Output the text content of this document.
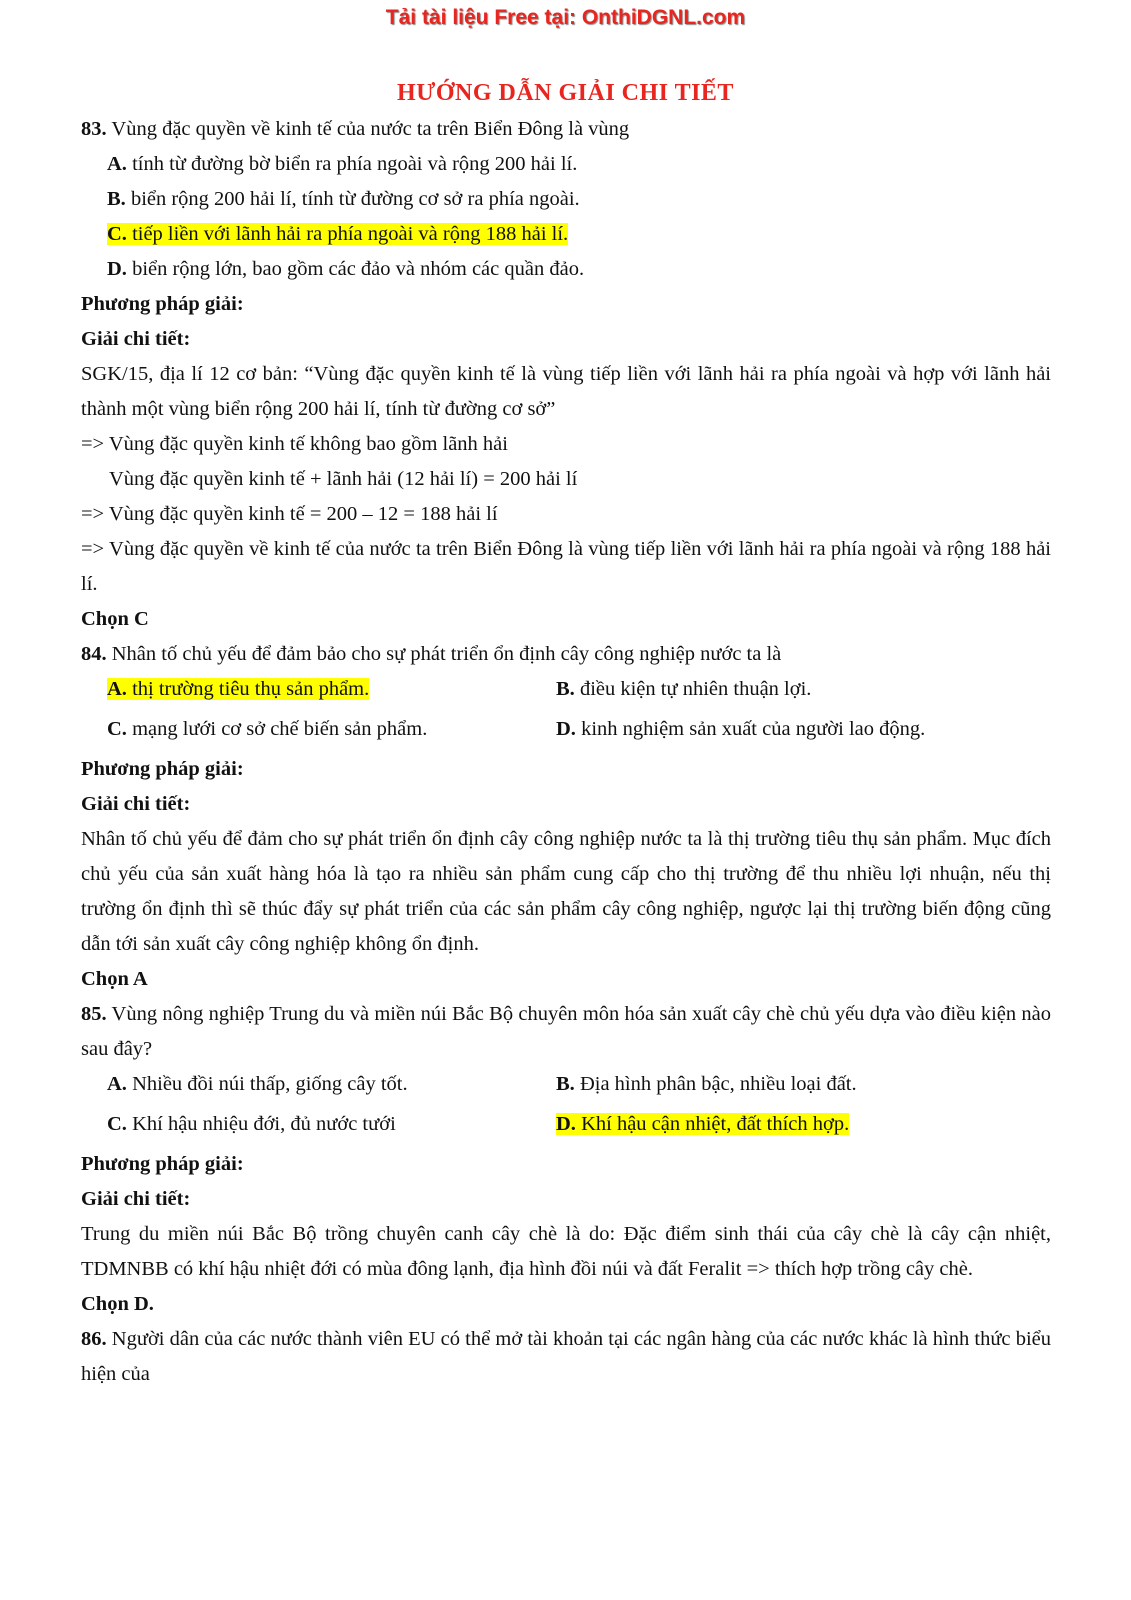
Tải tài liệu Free tại: OnthiDGNL.com
HƯỚNG DẪN GIẢI CHI TIẾT

83. Vùng đặc quyền về kinh tế của nước ta trên Biển Đông là vùng

A. tính từ đường bờ biển ra phía ngoài và rộng 200 hải lí.

B. biển rộng 200 hải lí, tính từ đường cơ sở ra phía ngoài.

C. tiếp liền với lãnh hải ra phía ngoài và rộng 188 hải lí.

D. biển rộng lớn, bao gồm các đảo và nhóm các quần đảo.

Phương pháp giải:

Giải chi tiết:

SGK/15, địa lí 12 cơ bản: “Vùng đặc quyền kinh tế là vùng tiếp liền với lãnh hải ra phía ngoài và hợp với lãnh hải thành một vùng biển rộng 200 hải lí, tính từ đường cơ sở”

=> Vùng đặc quyền kinh tế không bao gồm lãnh hải

Vùng đặc quyền kinh tế + lãnh hải (12 hải lí) = 200 hải lí

=> Vùng đặc quyền kinh tế = 200 – 12 = 188 hải lí

=> Vùng đặc quyền về kinh tế của nước ta trên Biển Đông là vùng tiếp liền với lãnh hải ra phía ngoài và rộng 188 hải lí.

Chọn C

84. Nhân tố chủ yếu để đảm bảo cho sự phát triển ổn định cây công nghiệp nước ta là

A. thị trường tiêu thụ sản phẩm.	B. điều kiện tự nhiên thuận lợi.

C. mạng lưới cơ sở chế biến sản phẩm.	D. kinh nghiệm sản xuất của người lao động.

Phương pháp giải:

Giải chi tiết:

Nhân tố chủ yếu để đảm cho sự phát triển ổn định cây công nghiệp nước ta là thị trường tiêu thụ sản phẩm. Mục đích chủ yếu của sản xuất hàng hóa là tạo ra nhiều sản phẩm cung cấp cho thị trường để thu nhiều lợi nhuận, nếu thị trường ổn định thì sẽ thúc đẩy sự phát triển của các sản phẩm cây công nghiệp, ngược lại thị trường biến động cũng dẫn tới sản xuất cây công nghiệp không ổn định.

Chọn A

85. Vùng nông nghiệp Trung du và miền núi Bắc Bộ chuyên môn hóa sản xuất cây chè chủ yếu dựa vào điều kiện nào sau đây?

A. Nhiều đồi núi thấp, giống cây tốt.	B. Địa hình phân bậc, nhiều loại đất.

C. Khí hậu nhiệu đới, đủ nước tưới	D. Khí hậu cận nhiệt, đất thích hợp.

Phương pháp giải:

Giải chi tiết:

Trung du miền núi Bắc Bộ trồng chuyên canh cây chè là do: Đặc điểm sinh thái của cây chè là cây cận nhiệt, TDMNBB có khí hậu nhiệt đới có mùa đông lạnh, địa hình đồi núi và đất Feralit => thích hợp trồng cây chè.

Chọn D.

86. Người dân của các nước thành viên EU có thể mở tài khoản tại các ngân hàng của các nước khác là hình thức biểu hiện của
